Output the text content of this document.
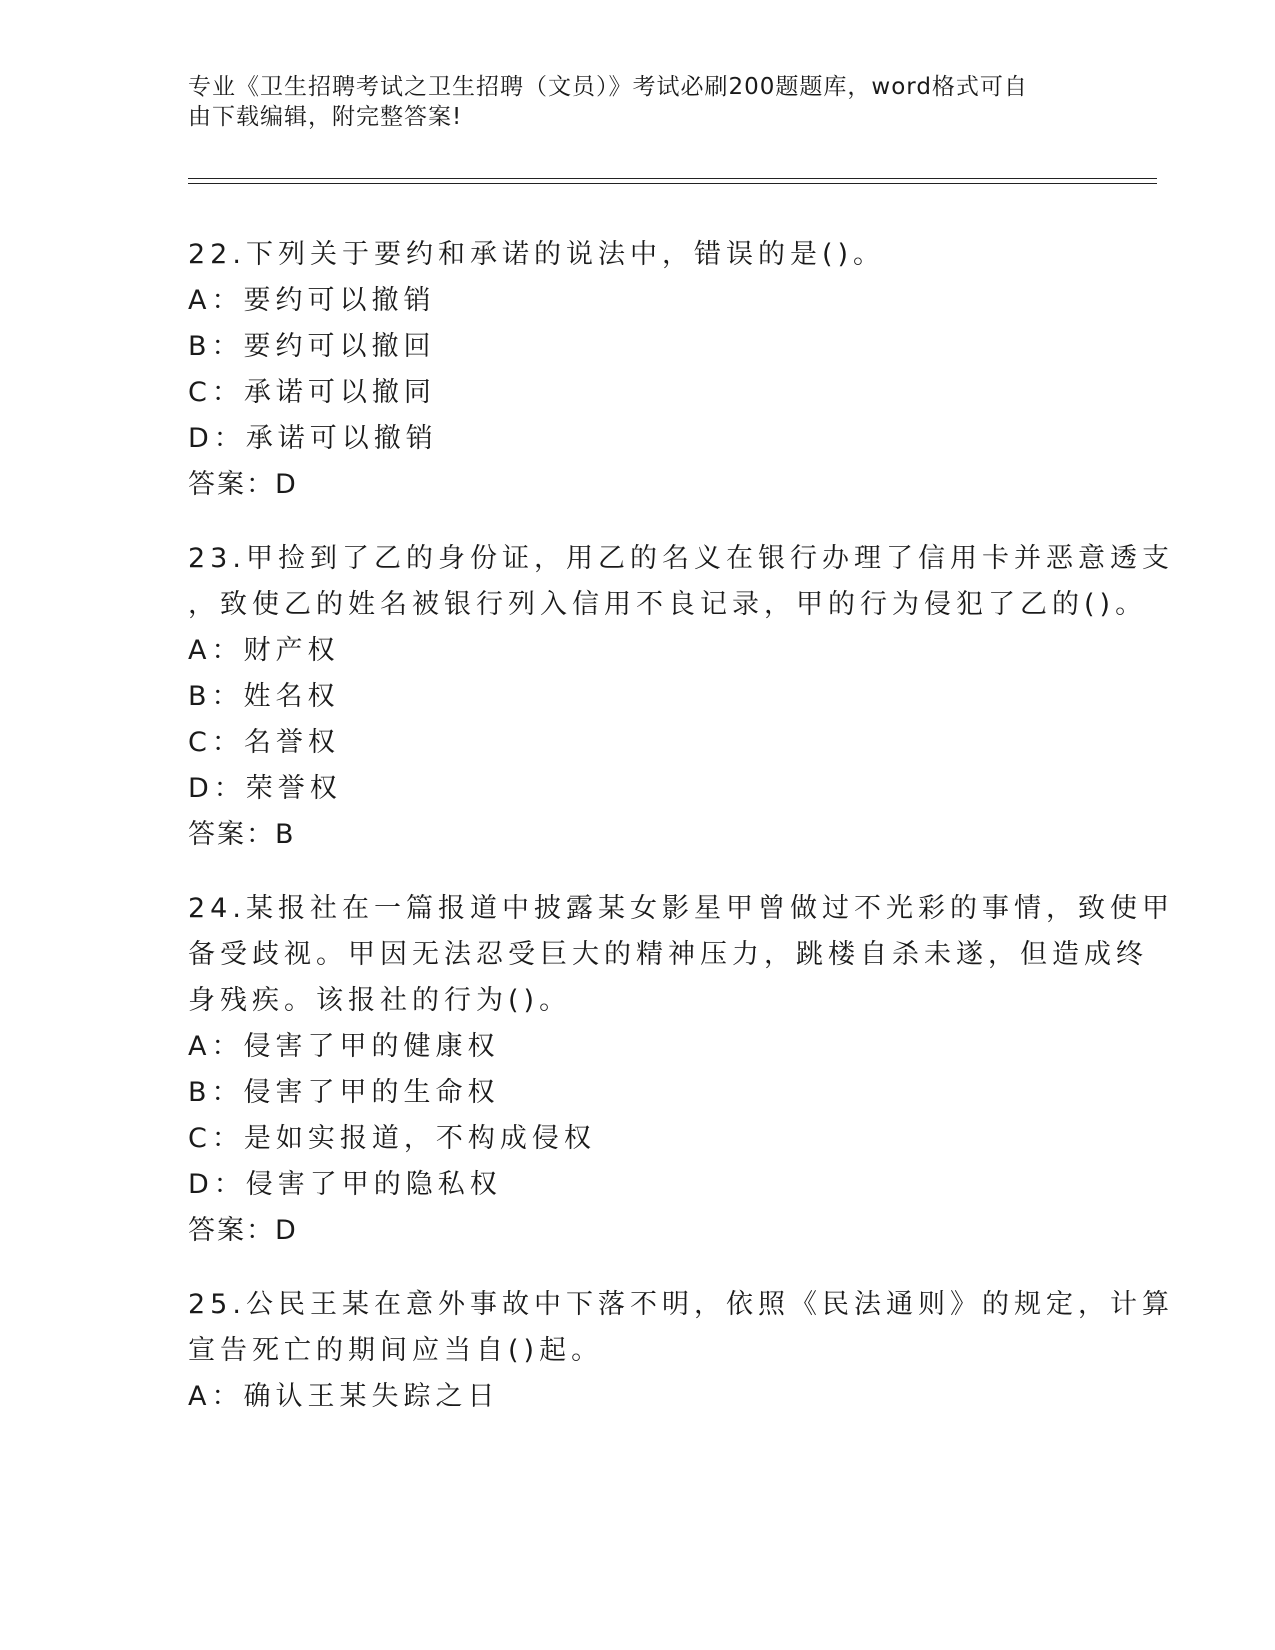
专业《卫生招聘考试之卫生招聘（文员）》考试必刷200题题库，word格式可自

由下载编辑，附完整答案!

22.下列关于要约和承诺的说法中，错误的是()。
A：要约可以撤销
B：要约可以撤回
C：承诺可以撤同
D：承诺可以撤销
答案：D
23.甲捡到了乙的身份证，用乙的名义在银行办理了信用卡并恶意透支
，致使乙的姓名被银行列入信用不良记录，甲的行为侵犯了乙的()。
A：财产权
B：姓名权
C：名誉权
D：荣誉权
答案：B
24.某报社在一篇报道中披露某女影星甲曾做过不光彩的事情，致使甲
备受歧视。甲因无法忍受巨大的精神压力，跳楼自杀未遂，但造成终
身残疾。该报社的行为()。
A：侵害了甲的健康权
B：侵害了甲的生命权
C：是如实报道，不构成侵权
D：侵害了甲的隐私权
答案：D
25.公民王某在意外事故中下落不明，依照《民法通则》的规定，计算
宣告死亡的期间应当自()起。
A：确认王某失踪之日
